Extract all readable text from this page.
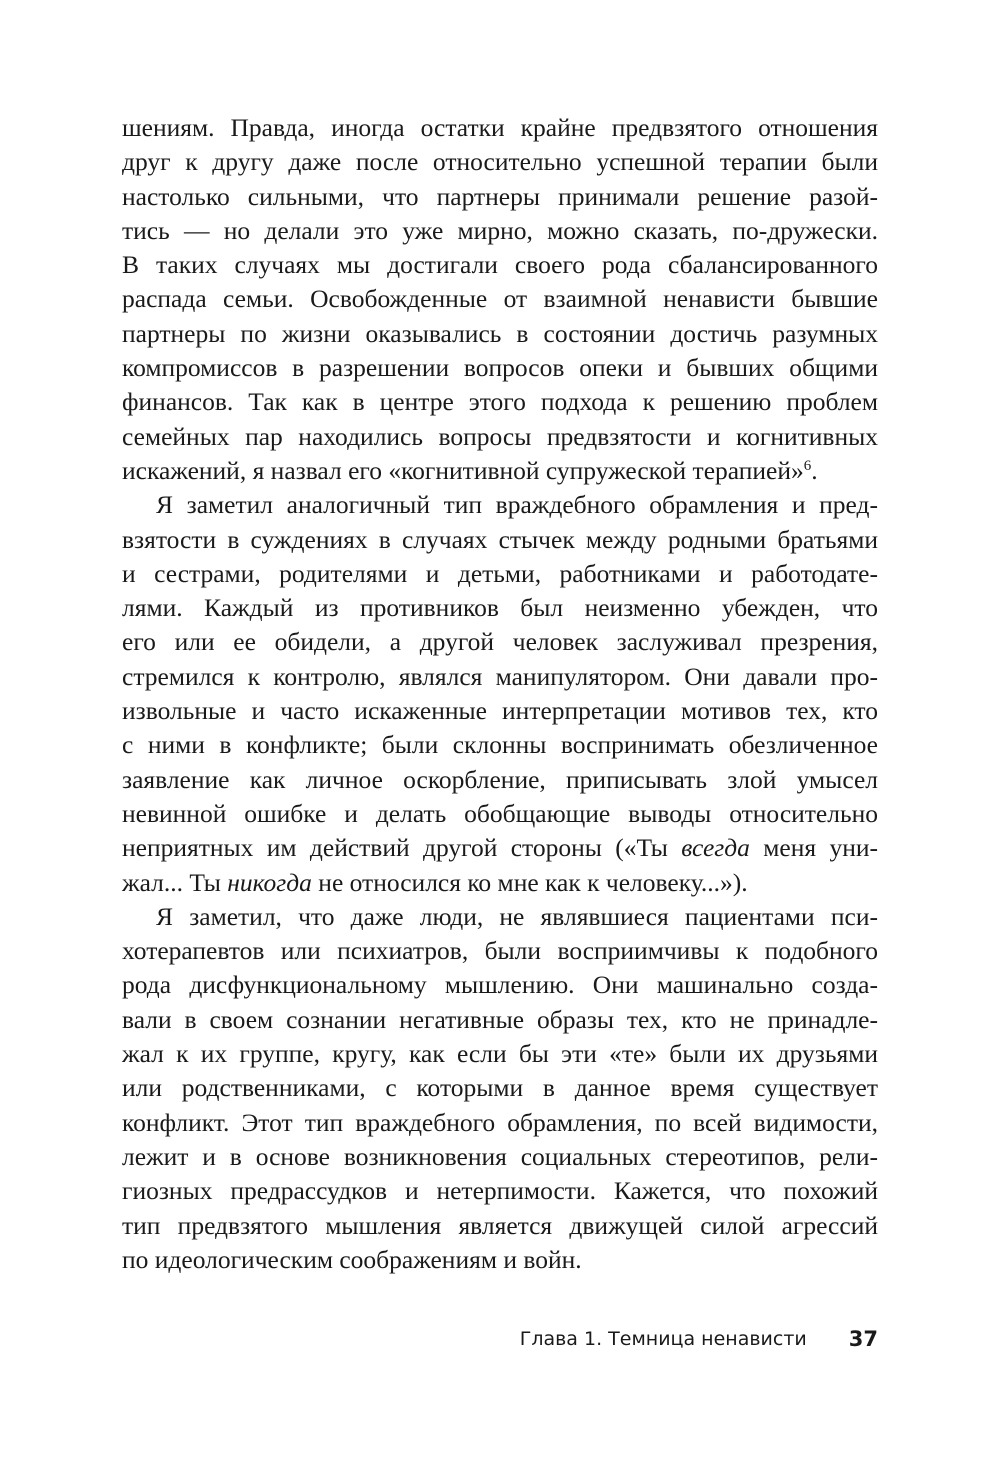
шениям. Правда, иногда остатки крайне предвзятого отношения
друг к другу даже после относительно успешной терапии были
настолько сильными, что партнеры принимали решение разой-
тись — но делали это уже мирно, можно сказать, по-дружески.
В таких случаях мы достигали своего рода сбалансированного
распада семьи. Освобожденные от взаимной ненависти бывшие
партнеры по жизни оказывались в состоянии достичь разумных
компромиссов в разрешении вопросов опеки и бывших общими
финансов. Так как в центре этого подхода к решению проблем
семейных пар находились вопросы предвзятости и когнитивных
искажений, я назвал его «когнитивной супружеской терапией»$^6$.
Я заметил аналогичный тип враждебного обрамления и пред-
взятости в суждениях в случаях стычек между родными братьями
и сестрами, родителями и детьми, работниками и работодате-
лями. Каждый из противников был неизменно убежден, что
его или ее обидели, а другой человек заслуживал презрения,
стремился к контролю, являлся манипулятором. Они давали про-
извольные и часто искаженные интерпретации мотивов тех, кто
с ними в конфликте; были склонны воспринимать обезличенное
заявление как личное оскорбление, приписывать злой умысел
невинной ошибке и делать обобщающие выводы относительно
неприятных им действий другой стороны («Ты всегда меня уни-
жал... Ты никогда не относился ко мне как к человеку...»).
Я заметил, что даже люди, не являвшиеся пациентами пси-
хотерапевтов или психиатров, были восприимчивы к подобного
рода дисфункциональному мышлению. Они машинально созда-
вали в своем сознании негативные образы тех, кто не принадле-
жал к их группе, кругу, как если бы эти «те» были их друзьями
или родственниками, с которыми в данное время существует
конфликт. Этот тип враждебного обрамления, по всей видимости,
лежит и в основе возникновения социальных стереотипов, рели-
гиозных предрассудков и нетерпимости. Кажется, что похожий
тип предвзятого мышления является движущей силой агрессий
по идеологическим соображениям и войн.
Глава 1. Темница ненависти 37
